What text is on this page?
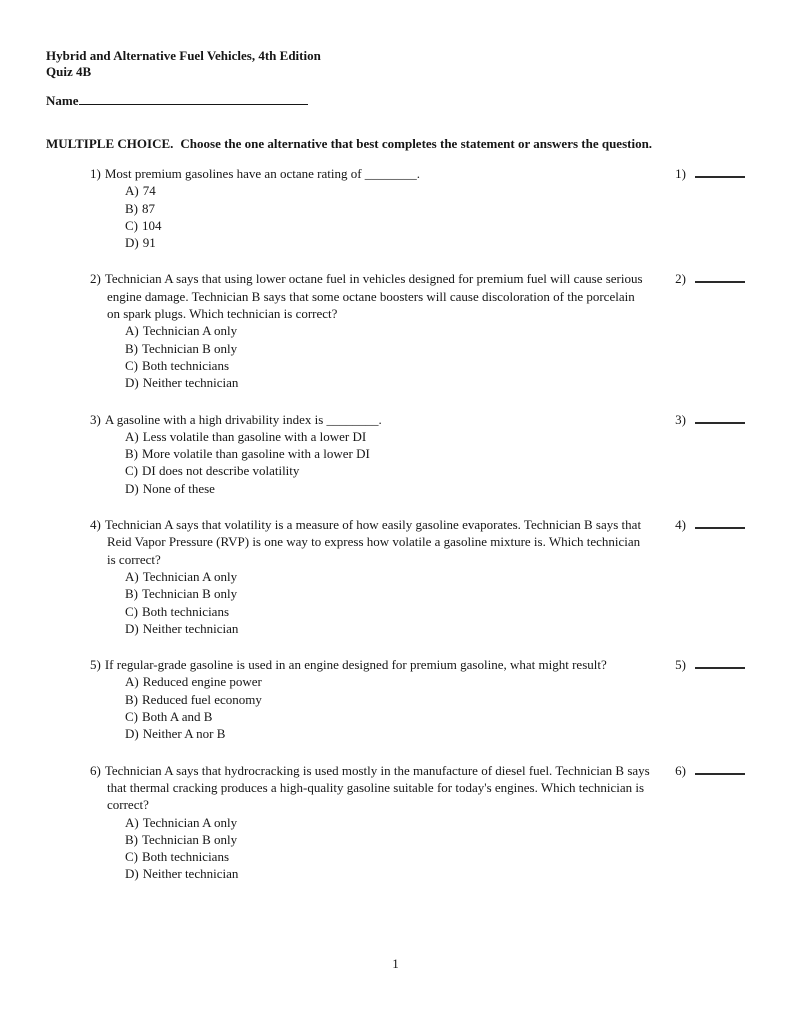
Hybrid and Alternative Fuel Vehicles, 4th Edition
Quiz 4B
Name
MULTIPLE CHOICE. Choose the one alternative that best completes the statement or answers the question.
1) Most premium gasolines have an octane rating of ________.
A) 74
B) 87
C) 104
D) 91
1)
2) Technician A says that using lower octane fuel in vehicles designed for premium fuel will cause serious engine damage. Technician B says that some octane boosters will cause discoloration of the porcelain on spark plugs. Which technician is correct?
A) Technician A only
B) Technician B only
C) Both technicians
D) Neither technician
2)
3) A gasoline with a high drivability index is ________.
A) Less volatile than gasoline with a lower DI
B) More volatile than gasoline with a lower DI
C) DI does not describe volatility
D) None of these
3)
4) Technician A says that volatility is a measure of how easily gasoline evaporates. Technician B says that Reid Vapor Pressure (RVP) is one way to express how volatile a gasoline mixture is. Which technician is correct?
A) Technician A only
B) Technician B only
C) Both technicians
D) Neither technician
4)
5) If regular-grade gasoline is used in an engine designed for premium gasoline, what might result?
A) Reduced engine power
B) Reduced fuel economy
C) Both A and B
D) Neither A nor B
5)
6) Technician A says that hydrocracking is used mostly in the manufacture of diesel fuel. Technician B says that thermal cracking produces a high-quality gasoline suitable for today's engines. Which technician is correct?
A) Technician A only
B) Technician B only
C) Both technicians
D) Neither technician
6)
1
